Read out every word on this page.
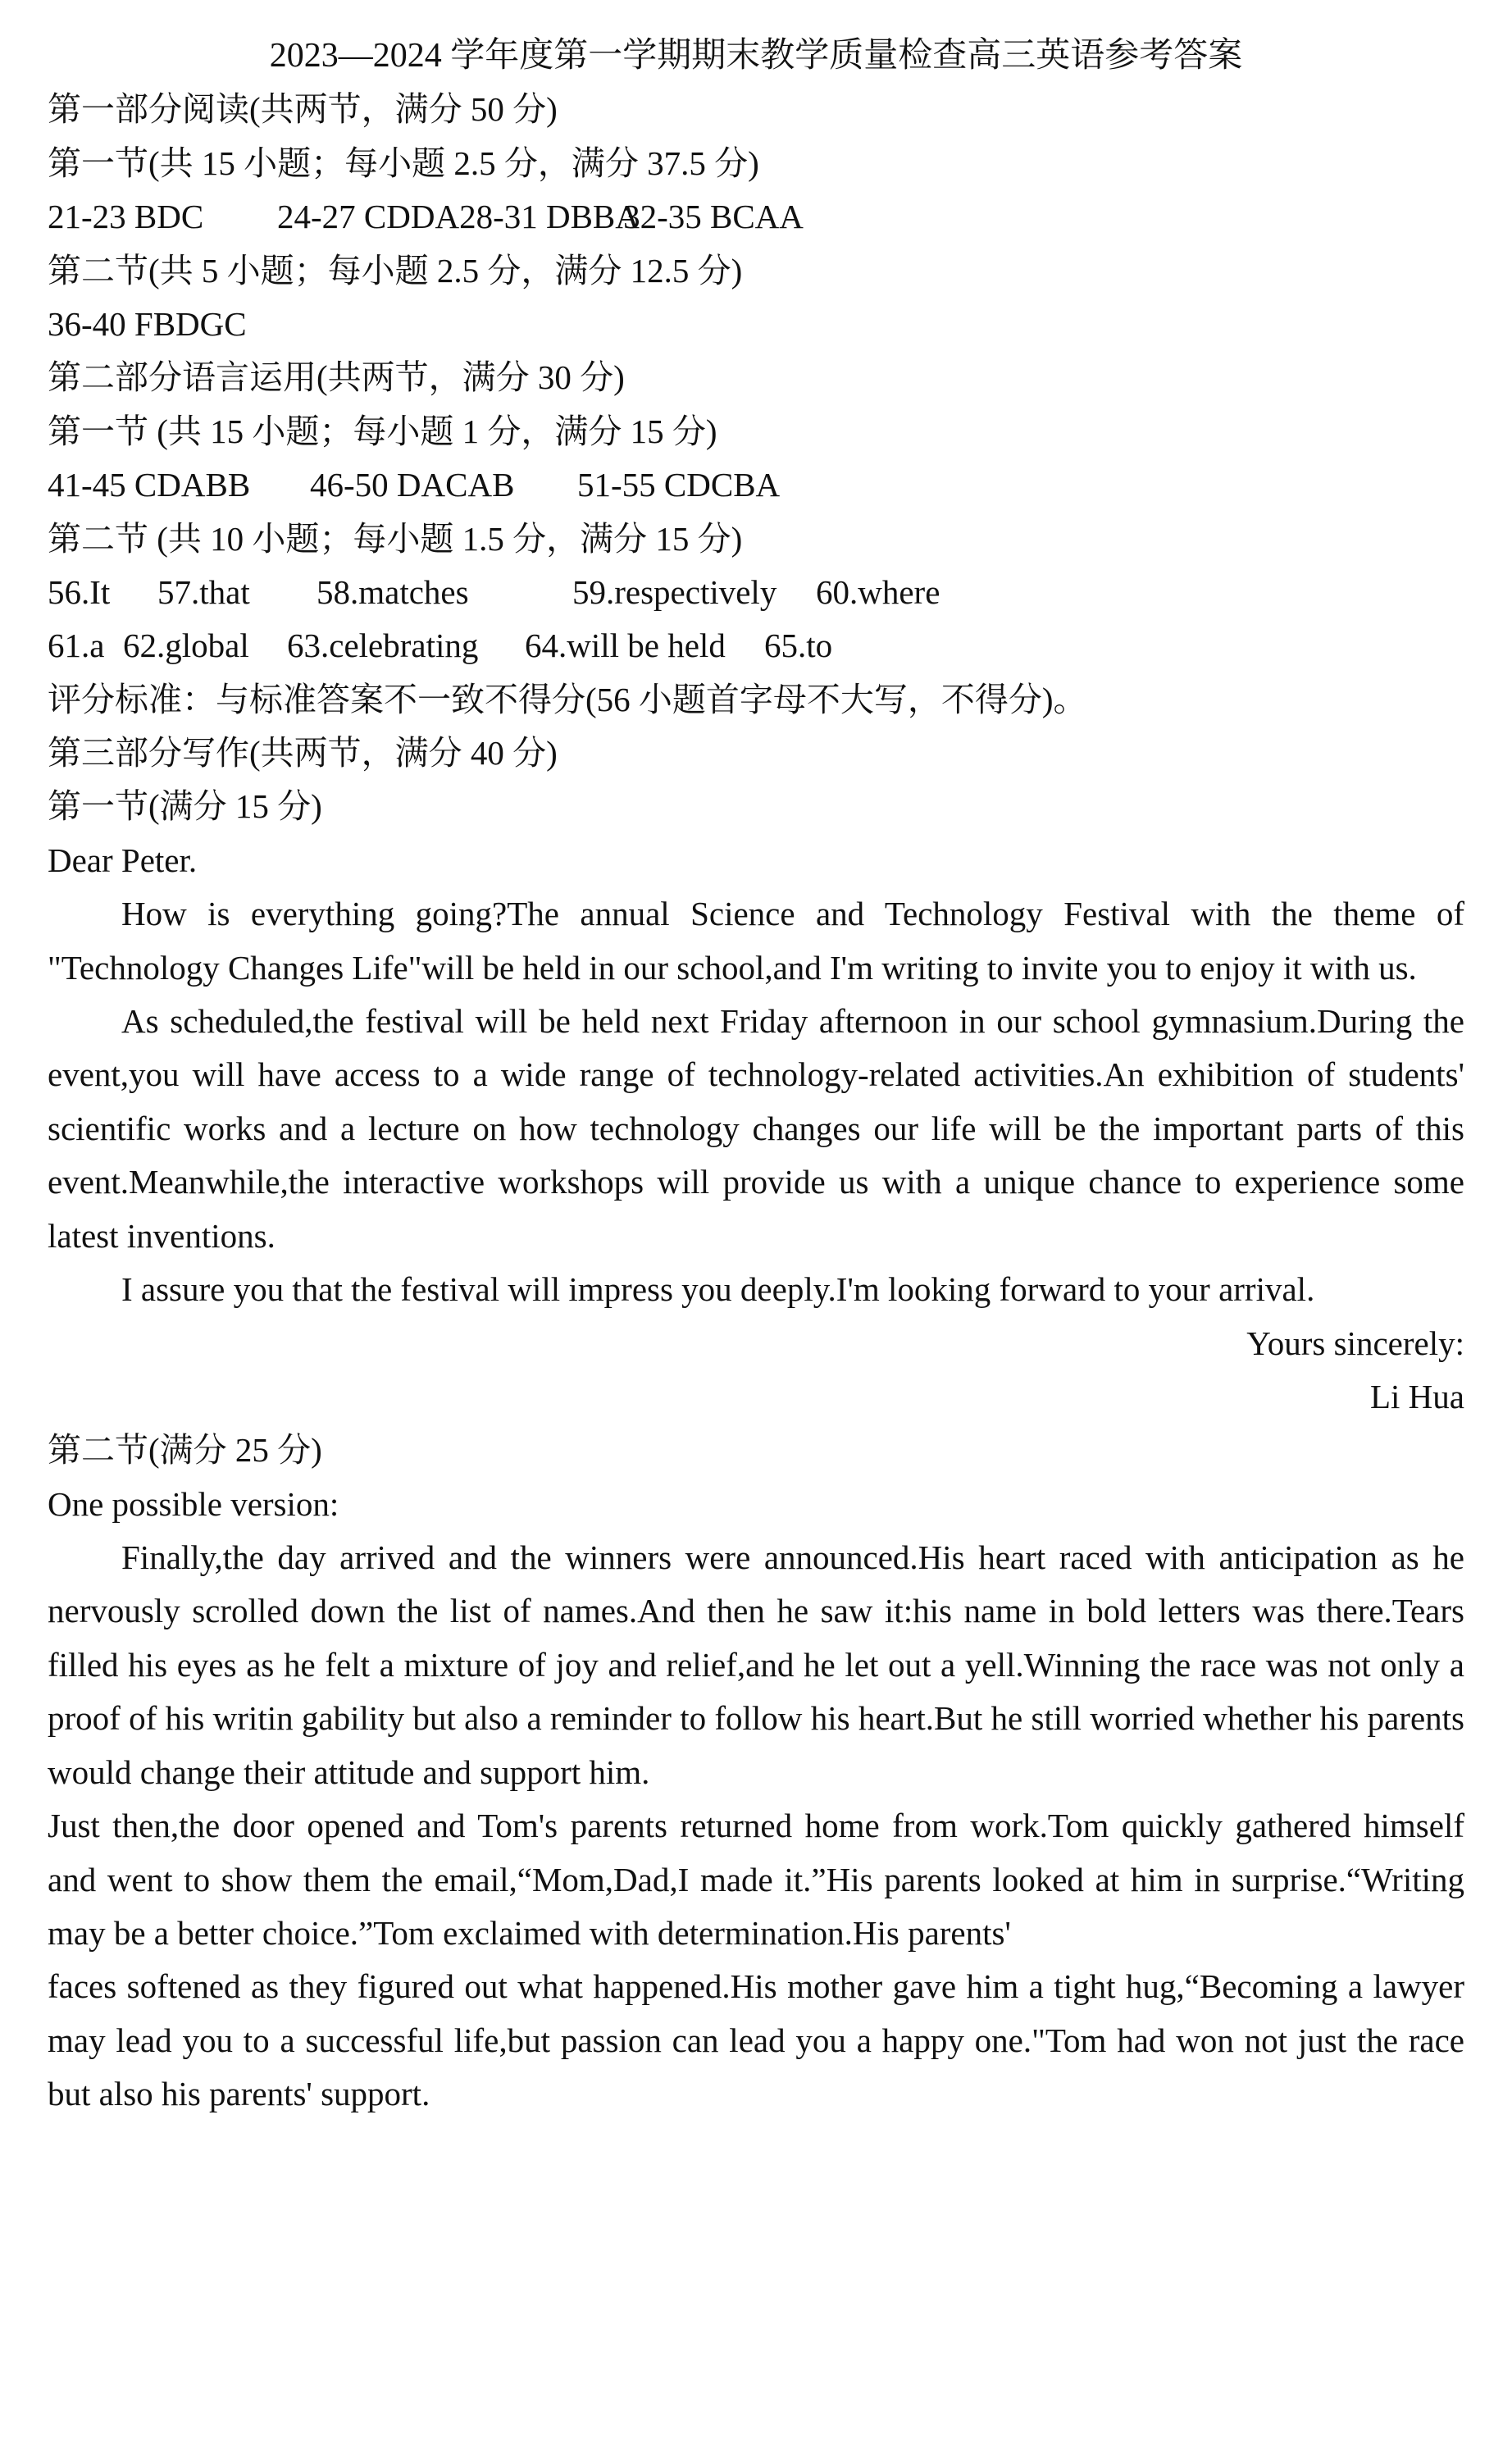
2023—2024 学年度第一学期期末教学质量检查高三英语参考答案
第一部分阅读(共两节，满分 50 分)
第一节(共 15 小题；每小题 2.5 分，满分 37.5 分)
21-23 BDC	24-27 CDDA 28-31 DBBA
32-35 BCAA
第二节(共 5 小题；每小题 2.5 分，满分 12.5 分)
36-40 FBDGC
第二部分语言运用(共两节，满分 30 分)
第一节 (共 15 小题；每小题 1 分，满分 15 分)
41-45 CDABB	46-50 DACAB	51-55 CDCBA
第二节 (共 10 小题；每小题 1.5 分，满分 15 分)
56.It	57.that	58.matches	59.respectively	60.where
61.a 62.global	63.celebrating	64.will be held	65.to
评分标准：与标准答案不一致不得分(56 小题首字母不大写，不得分)。
第三部分写作(共两节，满分 40 分)
第一节(满分 15 分)
Dear Peter.

How is everything going?The annual Science and Technology Festival with the theme of "Technology Changes Life"will be held in our school,and I'm writing to invite you to enjoy it with us.

As scheduled,the festival will be held next Friday afternoon in our school gymnasium.During the event,you will have access to a wide range of technology-related activities.An exhibition of students' scientific works and a lecture on how technology changes our life will be the important parts of this event.Meanwhile,the interactive workshops will provide us with a unique chance to experience some latest inventions.

I assure you that the festival will impress you deeply.I'm looking forward to your arrival.

Yours sincerely:
Li Hua
第二节(满分 25 分)
One possible version:

Finally,the day arrived and the winners were announced.His heart raced with anticipation as he nervously scrolled down the list of names.And then he saw it:his name in bold letters was there.Tears filled his eyes as he felt a mixture of joy and relief,and he let out a yell.Winning the race was not only a proof of his writin gability but also a reminder to follow his heart.But he still worried whether his parents would change their attitude and support him.

Just then,the door opened and Tom's parents returned home from work.Tom quickly gathered himself and went to show them the email,“Mom,Dad,I made it.”His parents looked at him in surprise.“Writing may be a better choice.”Tom exclaimed with determination.His parents'

faces softened as they figured out what happened.His mother gave him a tight hug,“Becoming a lawyer may lead you to a successful life,but passion can lead you a happy one."Tom had won not just the race but also his parents' support.
